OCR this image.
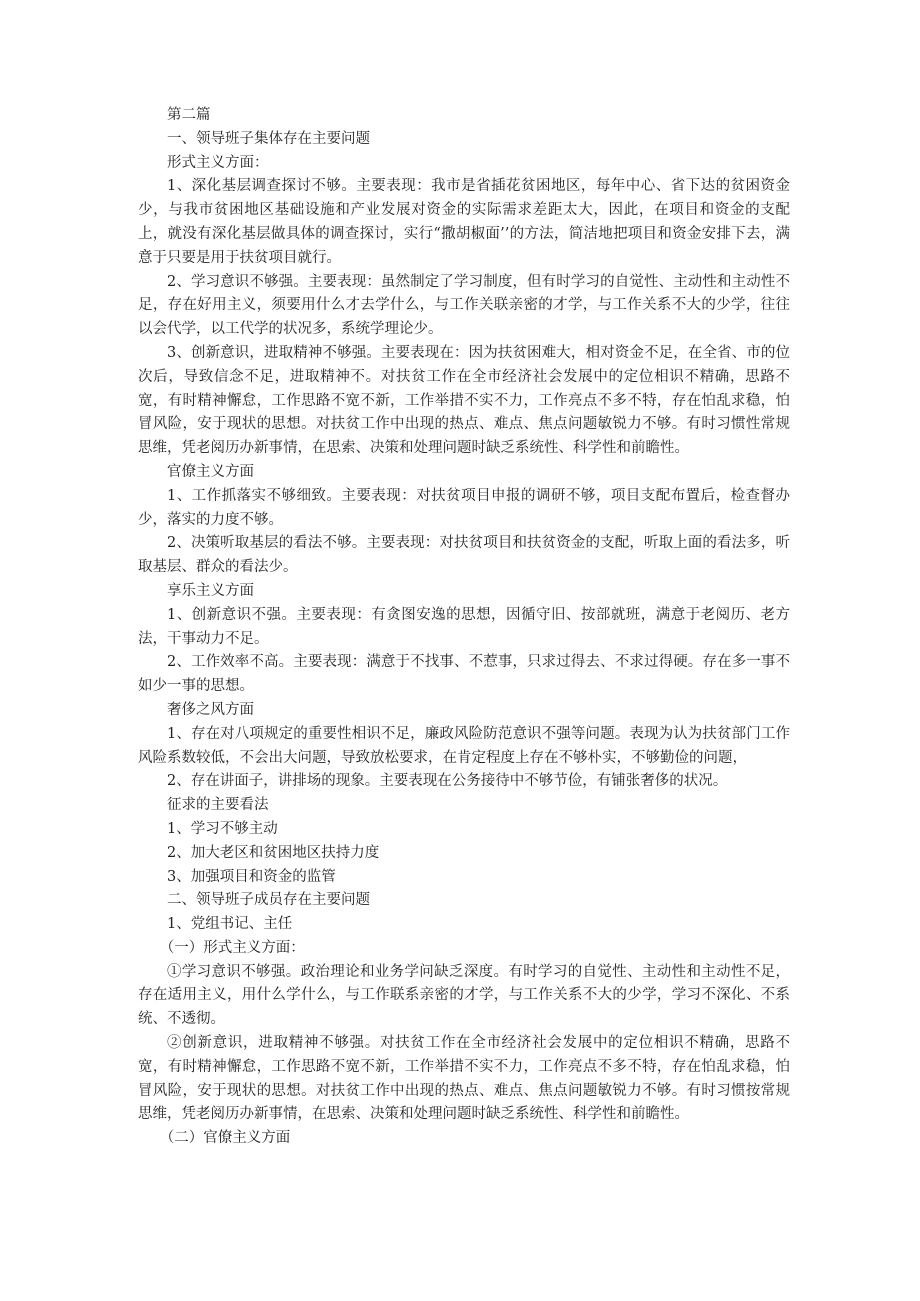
第二篇

一、领导班子集体存在主要问题

形式主义方面：

1、深化基层调查探讨不够。主要表现：我市是省插花贫困地区，每年中心、省下达的贫困资金少，与我市贫困地区基础设施和产业发展对资金的实际需求差距太大，因此，在项目和资金的支配上，就没有深化基层做具体的调查探讨，实行“撒胡椒面’’的方法，简洁地把项目和资金安排下去，满意于只要是用于扶贫项目就行。

2、学习意识不够强。主要表现：虽然制定了学习制度，但有时学习的自觉性、主动性和主动性不足，存在好用主义，须要用什么才去学什么，与工作关联亲密的才学，与工作关系不大的少学，往往以会代学，以工代学的状况多，系统学理论少。

3、创新意识，进取精神不够强。主要表现在：因为扶贫困难大，相对资金不足，在全省、市的位次后，导致信念不足，进取精神不。对扶贫工作在全市经济社会发展中的定位相识不精确，思路不宽，有时精神懈怠，工作思路不宽不新，工作举措不实不力，工作亮点不多不特，存在怕乱求稳，怕冒风险，安于现状的思想。对扶贫工作中出现的热点、难点、焦点问题敏锐力不够。有时习惯性常规思维，凭老阅历办新事情，在思索、决策和处理问题时缺乏系统性、科学性和前瞻性。

官僚主义方面

1、工作抓落实不够细致。主要表现：对扶贫项目申报的调研不够，项目支配布置后，检查督办少，落实的力度不够。

2、决策听取基层的看法不够。主要表现：对扶贫项目和扶贫资金的支配，听取上面的看法多，听取基层、群众的看法少。

享乐主义方面

1、创新意识不强。主要表现：有贪图安逸的思想，因循守旧、按部就班，满意于老阅历、老方法，干事动力不足。

2、工作效率不高。主要表现：满意于不找事、不惹事，只求过得去、不求过得硬。存在多一事不如少一事的思想。

奢侈之风方面

1、存在对八项规定的重要性相识不足，廉政风险防范意识不强等问题。表现为认为扶贫部门工作风险系数较低，不会出大问题，导致放松要求，在肯定程度上存在不够朴实，不够勤俭的问题，

2、存在讲面子，讲排场的现象。主要表现在公务接待中不够节俭，有铺张奢侈的状况。

征求的主要看法

1、学习不够主动

2、加大老区和贫困地区扶持力度

3、加强项目和资金的监管

二、领导班子成员存在主要问题

1、党组书记、主任

（一）形式主义方面：

①学习意识不够强。政治理论和业务学问缺乏深度。有时学习的自觉性、主动性和主动性不足，存在适用主义，用什么学什么，与工作联系亲密的才学，与工作关系不大的少学，学习不深化、不系统、不透彻。

②创新意识，进取精神不够强。对扶贫工作在全市经济社会发展中的定位相识不精确，思路不宽，有时精神懈怠，工作思路不宽不新，工作举措不实不力，工作亮点不多不特，存在怕乱求稳，怕冒风险，安于现状的思想。对扶贫工作中出现的热点、难点、焦点问题敏锐力不够。有时习惯按常规思维，凭老阅历办新事情，在思索、决策和处理问题时缺乏系统性、科学性和前瞻性。

（二）官僚主义方面
